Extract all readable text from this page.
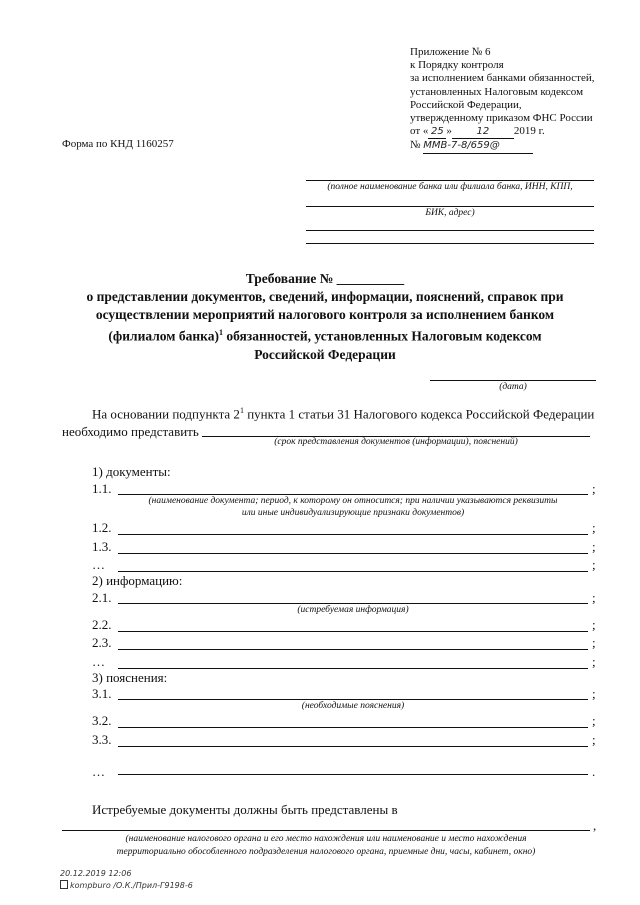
Приложение № 6
к Порядку контроля
за исполнением банками обязанностей,
установленных Налоговым кодексом
Российской Федерации,
утвержденному приказом ФНС России
от « 25 » 12 2019 г.
№ ММВ-7-8/659@
Форма по КНД 1160257
(полное наименование банка или филиала банка, ИНН, КПП,
БИК, адрес)
Требование № __________
о представлении документов, сведений, информации, пояснений, справок при
осуществлении мероприятий налогового контроля за исполнением банком
(филиалом банка)$^1$ обязанностей, установленных Налоговым кодексом
Российской Федерации
(дата)
На основании подпункта $2^1$ пункта 1 статьи 31 Налогового кодекса Российской Федерации
необходимо представить
(срок представления документов (информации), пояснений)
1) документы:
1.1.	;
(наименование документа; период, к которому он относится; при наличии указываются реквизиты
или иные индивидуализирующие признаки документов)
1.2.	;
1.3.	;
…	;
2) информацию:
2.1.	;
(истребуемая информация)
2.2.	;
2.3.	;
…	;
3) пояснения:
3.1.	;
(необходимые пояснения)
3.2.	;
3.3.	;
…	.
Истребуемые документы должны быть представлены в
,
(наименование налогового органа и его место нахождения или наименование и место нахождения
территориально обособленного подразделения налогового органа, приемные дни, часы, кабинет, окно)
20.12.2019 12:06
kompburo /О.К./Прил-Г9198-6
